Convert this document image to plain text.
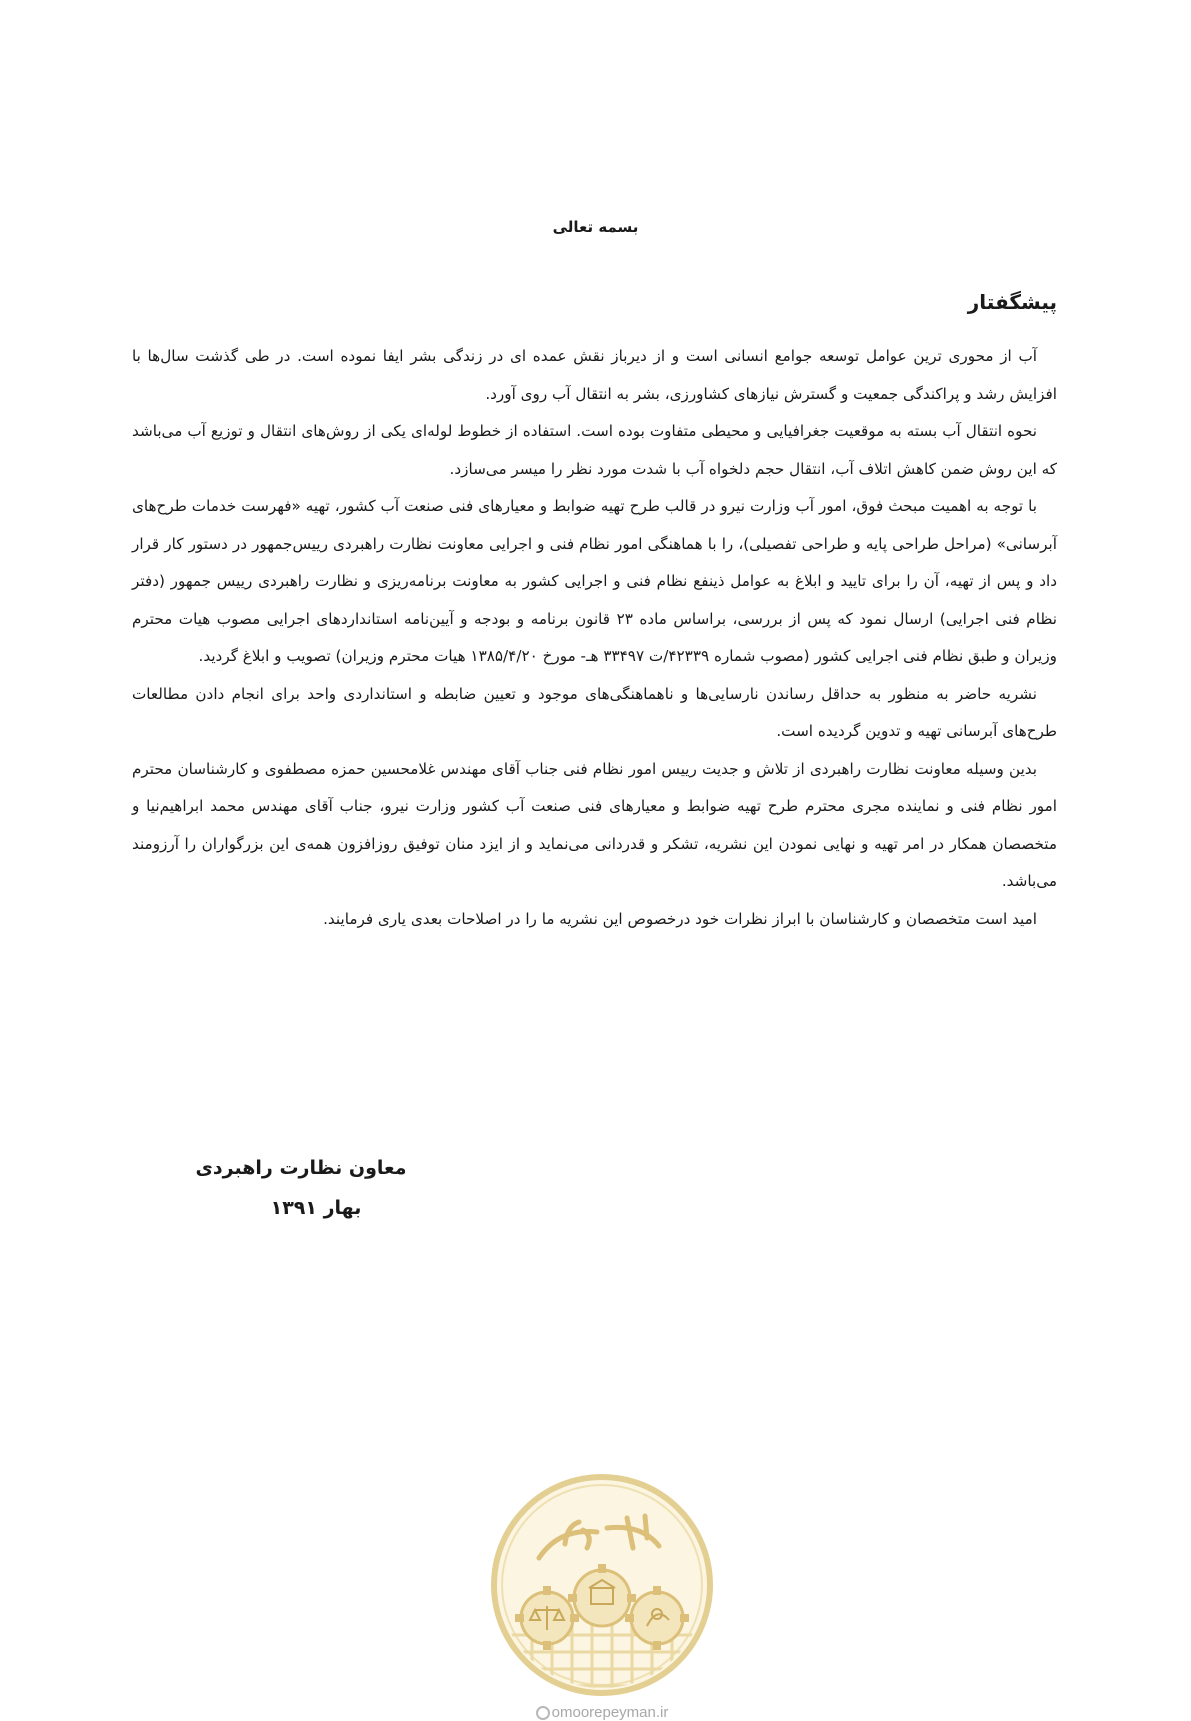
بسمه تعالی
پیشگفتار

آب از محوری ترین عوامل توسعه جوامع انسانی است و از دیرباز نقش عمده ای در زندگی بشر ایفا نموده است. در طی گذشت سال‌ها با افزایش رشد و پراکندگی جمعیت و گسترش نیازهای کشاورزی، بشر به انتقال آب روی آورد.

نحوه انتقال آب بسته به موقعیت جغرافیایی و محیطی متفاوت بوده است. استفاده از خطوط لوله‌ای یکی از روش‌های انتقال و توزیع آب می‌باشد که این روش ضمن کاهش اتلاف آب، انتقال حجم دلخواه آب با شدت مورد نظر را میسر می‌سازد.

با توجه به اهمیت مبحث فوق، امور آب وزارت نیرو در قالب طرح تهیه ضوابط و معیارهای فنی صنعت آب کشور، تهیه «فهرست خدمات طرح‌های آبرسانی» (مراحل طراحی پایه و طراحی تفصیلی)، را با هماهنگی امور نظام فنی و اجرایی معاونت نظارت راهبردی رییس‌جمهور در دستور کار قرار داد و پس از تهیه، آن را برای تایید و ابلاغ به عوامل ذینفع نظام فنی و اجرایی کشور به معاونت برنامه‌ریزی و نظارت راهبردی رییس جمهور (دفتر نظام فنی اجرایی) ارسال نمود که پس از بررسی، براساس ماده ۲۳ قانون برنامه و بودجه و آیین‌نامه استانداردهای اجرایی مصوب هیات محترم وزیران و طبق نظام فنی اجرایی کشور (مصوب شماره ۴۲۳۳۹/ت ۳۳۴۹۷ هـ- مورخ ۱۳۸۵/۴/۲۰ هیات محترم وزیران) تصویب و ابلاغ گردید.

نشریه حاضر به منظور به حداقل رساندن نارسایی‌ها و ناهماهنگی‌های موجود و تعیین ضابطه و استانداردی واحد برای انجام دادن مطالعات طرح‌های آبرسانی تهیه و تدوین گردیده است.

بدین وسیله معاونت نظارت راهبردی از تلاش و جدیت رییس امور نظام فنی جناب آقای مهندس غلامحسین حمزه مصطفوی و کارشناسان محترم امور نظام فنی و نماینده مجری محترم طرح تهیه ضوابط و معیارهای فنی صنعت آب کشور وزارت نیرو، جناب آقای مهندس محمد ابراهیم‌نیا و متخصصان همکار در امر تهیه و نهایی نمودن این نشریه، تشکر و قدردانی می‌نماید و از ایزد منان توفیق روزافزون همه‌ی این بزرگواران را آرزومند می‌باشد.

امید است متخصصان و کارشناسان با ابراز نظرات خود درخصوص این نشریه ما را در اصلاحات بعدی یاری فرمایند.

معاون نظارت راهبردی
بهار ۱۳۹۱
omoorepeyman.ir
